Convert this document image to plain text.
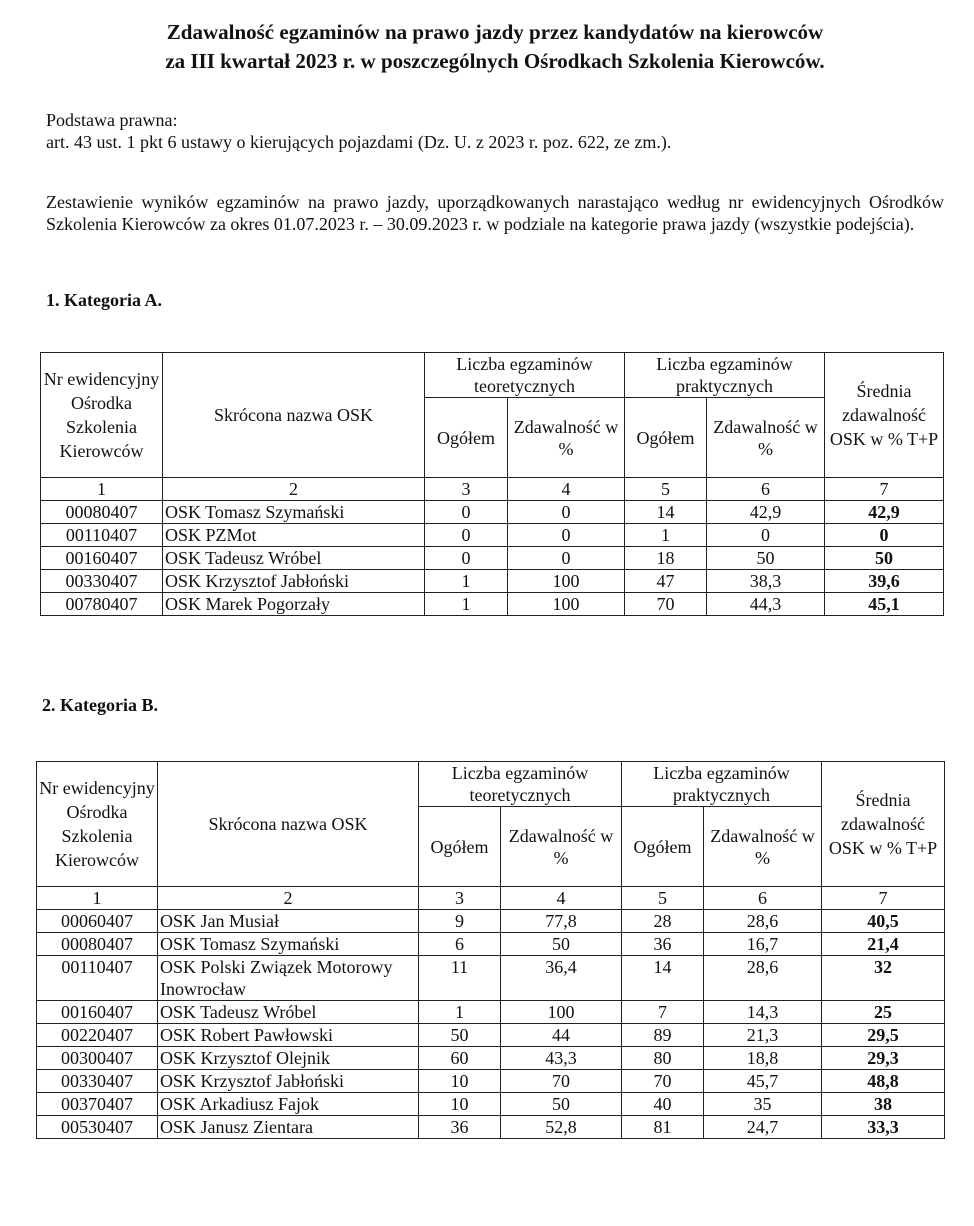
Zdawalność egzaminów na prawo jazdy przez kandydatów na kierowców
za III kwartał 2023 r. w poszczególnych Ośrodkach Szkolenia Kierowców.
Podstawa prawna:
art. 43 ust. 1 pkt 6 ustawy o kierujących pojazdami (Dz. U. z 2023 r. poz. 622, ze zm.).
Zestawienie wyników egzaminów na prawo jazdy, uporządkowanych narastająco według nr ewidencyjnych Ośrodków Szkolenia Kierowców za okres 01.07.2023 r. – 30.09.2023 r. w podziale na kategorie prawa jazdy (wszystkie podejścia).
1. Kategoria A.
Nr ewidencyjny Ośrodka Szkolenia Kierowców	Skrócona nazwa OSK	Liczba egzaminów teoretycznych		Liczba egzaminów praktycznych		Średnia zdawalność OSK w % T+P
		Ogółem	Zdawalność w %	Ogółem	Zdawalność w %	
1	2	3	4	5	6	7
00080407	OSK Tomasz Szymański	0	0	14	42,9	42,9
00110407	OSK PZMot	0	0	1	0	0
00160407	OSK Tadeusz Wróbel	0	0	18	50	50
00330407	OSK Krzysztof Jabłoński	1	100	47	38,3	39,6
00780407	OSK Marek Pogorzały	1	100	70	44,3	45,1
2. Kategoria B.
Nr ewidencyjny Ośrodka Szkolenia Kierowców	Skrócona nazwa OSK	Liczba egzaminów teoretycznych		Liczba egzaminów praktycznych		Średnia zdawalność OSK w % T+P
		Ogółem	Zdawalność w %	Ogółem	Zdawalność w %	
1	2	3	4	5	6	7
00060407	OSK Jan Musiał	9	77,8	28	28,6	40,5
00080407	OSK Tomasz Szymański	6	50	36	16,7	21,4
00110407	OSK Polski Związek Motorowy Inowrocław	11	36,4	14	28,6	32
00160407	OSK Tadeusz Wróbel	1	100	7	14,3	25
00220407	OSK Robert Pawłowski	50	44	89	21,3	29,5
00300407	OSK Krzysztof Olejnik	60	43,3	80	18,8	29,3
00330407	OSK Krzysztof Jabłoński	10	70	70	45,7	48,8
00370407	OSK Arkadiusz Fajok	10	50	40	35	38
00530407	OSK Janusz Zientara	36	52,8	81	24,7	33,3
